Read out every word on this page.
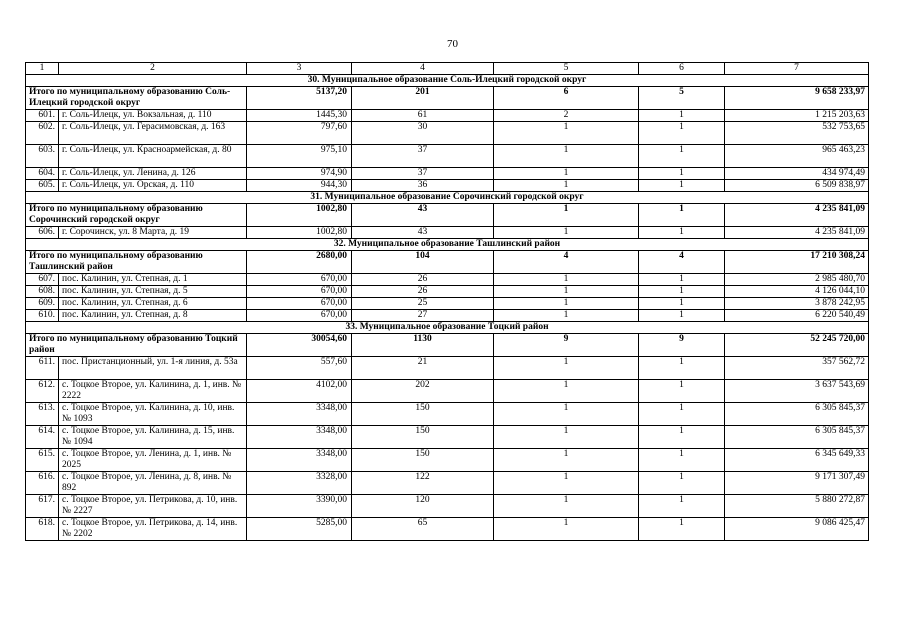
70
1	2	3	4	5	6	7
30. Муниципальное образование Соль-Илецкий городской округ						
Итого по муниципальному образованию Соль-Илецкий городской округ		5137,20	201	6	5	9 658 233,97
601.	г. Соль-Илецк, ул. Вокзальная, д. 110	1445,30	61	2	1	1 215 203,63
602.	г. Соль-Илецк, ул. Герасимовская, д. 163	797,60	30	1	1	532 753,65
603.	г. Соль-Илецк, ул. Красноармейская, д. 80	975,10	37	1	1	965 463,23
604.	г. Соль-Илецк, ул. Ленина, д. 126	974,90	37	1	1	434 974,49
605.	г. Соль-Илецк, ул. Орская, д. 110	944,30	36	1	1	6 509 838,97
31. Муниципальное образование Сорочинский городской округ						
Итого по муниципальному образованию Сорочинский городской округ		1002,80	43	1	1	4 235 841,09
606.	г. Сорочинск, ул. 8 Марта, д. 19	1002,80	43	1	1	4 235 841,09
32. Муниципальное образование Ташлинский район						
Итого по муниципальному образованию Ташлинский район		2680,00	104	4	4	17 210 308,24
607.	пос. Калинин, ул. Степная, д. 1	670,00	26	1	1	2 985 480,70
608.	пос. Калинин, ул. Степная, д. 5	670,00	26	1	1	4 126 044,10
609.	пос. Калинин, ул. Степная, д. 6	670,00	25	1	1	3 878 242,95
610.	пос. Калинин, ул. Степная, д. 8	670,00	27	1	1	6 220 540,49
33. Муниципальное образование Тоцкий район						
Итого по муниципальному образованию Тоцкий район		30054,60	1130	9	9	52 245 720,00
611.	пос. Пристанционный, ул. 1-я линия, д. 53а	557,60	21	1	1	357 562,72
612.	с. Тоцкое Второе, ул. Калинина, д. 1, инв. № 2222	4102,00	202	1	1	3 637 543,69
613.	с. Тоцкое Второе, ул. Калинина, д. 10, инв. № 1093	3348,00	150	1	1	6 305 845,37
614.	с. Тоцкое Второе, ул. Калинина, д. 15, инв. № 1094	3348,00	150	1	1	6 305 845,37
615.	с. Тоцкое Второе, ул. Ленина, д. 1, инв. № 2025	3348,00	150	1	1	6 345 649,33
616.	с. Тоцкое Второе, ул. Ленина, д. 8, инв. № 892	3328,00	122	1	1	9 171 307,49
617.	с. Тоцкое Второе, ул. Петрикова, д. 10, инв. № 2227	3390,00	120	1	1	5 880 272,87
618.	с. Тоцкое Второе, ул. Петрикова, д. 14, инв. № 2202	5285,00	65	1	1	9 086 425,47
